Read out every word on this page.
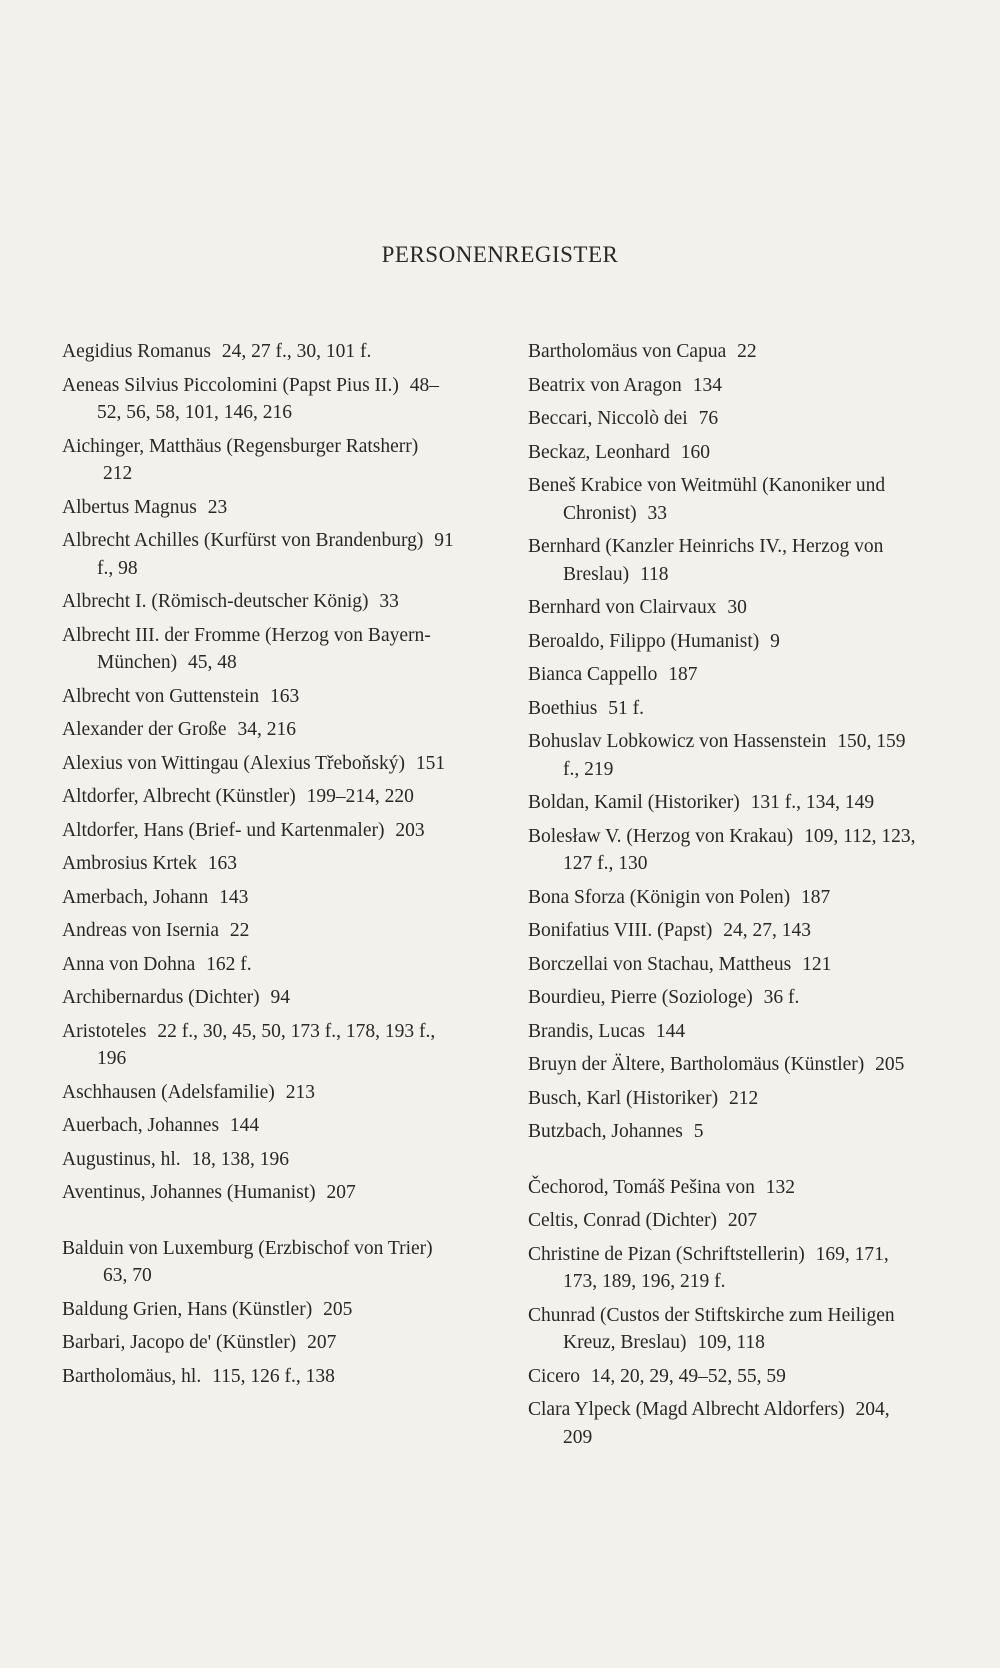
PERSONENREGISTER

Aegidius Romanus 24, 27 f., 30, 101 f.

Aeneas Silvius Piccolomini (Papst Pius II.) 48–52, 56, 58, 101, 146, 216

Aichinger, Matthäus (Regensburger Ratsherr) 212

Albertus Magnus 23

Albrecht Achilles (Kurfürst von Brandenburg) 91 f., 98

Albrecht I. (Römisch-deutscher König) 33

Albrecht III. der Fromme (Herzog von Bayern-München) 45, 48

Albrecht von Guttenstein 163

Alexander der Große 34, 216

Alexius von Wittingau (Alexius Třeboňský) 151

Altdorfer, Albrecht (Künstler) 199–214, 220

Altdorfer, Hans (Brief- und Kartenmaler) 203

Ambrosius Krtek 163

Amerbach, Johann 143

Andreas von Isernia 22

Anna von Dohna 162 f.

Archibernardus (Dichter) 94

Aristoteles 22 f., 30, 45, 50, 173 f., 178, 193 f., 196

Aschhausen (Adelsfamilie) 213

Auerbach, Johannes 144

Augustinus, hl. 18, 138, 196

Aventinus, Johannes (Humanist) 207

Balduin von Luxemburg (Erzbischof von Trier) 63, 70

Baldung Grien, Hans (Künstler) 205

Barbari, Jacopo de' (Künstler) 207

Bartholomäus, hl. 115, 126 f., 138

Bartholomäus von Capua 22

Beatrix von Aragon 134

Beccari, Niccolò dei 76

Beckaz, Leonhard 160

Beneš Krabice von Weitmühl (Kanoniker und Chronist) 33

Bernhard (Kanzler Heinrichs IV., Herzog von Breslau) 118

Bernhard von Clairvaux 30

Beroaldo, Filippo (Humanist) 9

Bianca Cappello 187

Boethius 51 f.

Bohuslav Lobkowicz von Hassenstein 150, 159 f., 219

Boldan, Kamil (Historiker) 131 f., 134, 149

Bolesław V. (Herzog von Krakau) 109, 112, 123, 127 f., 130

Bona Sforza (Königin von Polen) 187

Bonifatius VIII. (Papst) 24, 27, 143

Borczellai von Stachau, Mattheus 121

Bourdieu, Pierre (Soziologe) 36 f.

Brandis, Lucas 144

Bruyn der Ältere, Bartholomäus (Künstler) 205

Busch, Karl (Historiker) 212

Butzbach, Johannes 5

Čechorod, Tomáš Pešina von 132

Celtis, Conrad (Dichter) 207

Christine de Pizan (Schriftstellerin) 169, 171, 173, 189, 196, 219 f.

Chunrad (Custos der Stiftskirche zum Heiligen Kreuz, Breslau) 109, 118

Cicero 14, 20, 29, 49–52, 55, 59

Clara Ylpeck (Magd Albrecht Aldorfers) 204, 209
